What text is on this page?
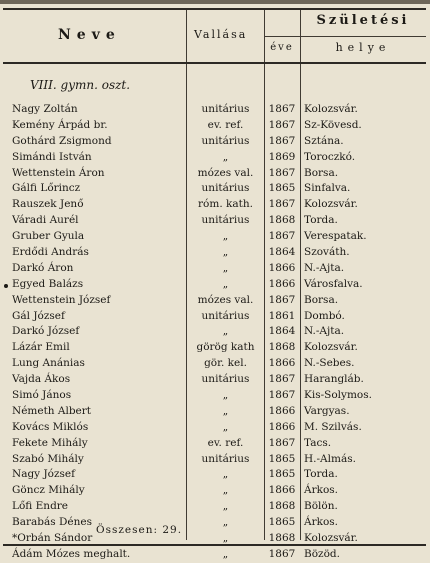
Neve	Vallása
Születési
éve	helye
VIII. gymn. oszt.
Nagy Zoltán	unitárius	1867 Kolozsvár.
Kemény Árpád br.	ev. ref.	1867 Sz-Kövesd.
Gothárd Zsigmond	unitárius	1867 Sztána.
Simándi István	„	1869 Toroczkó.
Wettenstein Áron	mózes val.	1867 Borsa.
Gálfi Lőrincz	unitárius	1865 Sinfalva.
Rauszek Jenő	róm. kath.	1867 Kolozsvár.
Váradi Aurél	unitárius	1868 Torda.
Gruber Gyula	„	1867 Verespatak.
Erdődi András	„	1864 Szováth.
Darkó Áron	„	1866 N.-Ajta.
Egyed Balázs	„	1866 Városfalva.
Wettenstein József	mózes val.	1867 Borsa.
Gál József	unitárius	1861 Dombó.
Darkó József	„	1864 N.-Ajta.
Lázár Emil	görög kath	1868 Kolozsvár.
Lung Anánias	gör. kel.	1866 N.-Sebes.
Vajda Ákos	unitárius	1867 Harangláb.
Simó János	„	1867 Kis-Solymos.
Németh Albert	„	1866 Vargyas.
Kovács Miklós	„	1866 M. Szilvás.
Fekete Mihály	ev. ref.	1867 Tacs.
Szabó Mihály	unitárius	1865 H.-Almás.
Nagy József	„	1865 Torda.
Göncz Mihály	„	1866 Árkos.
Lőfi Endre	„	1868 Bölön.
Barabás Dénes	„	1865 Árkos.
*Orbán Sándor	„	1868 Kolozsvár.
Ádám Mózes meghalt.	„	1867 Bözöd.
Összesen: 29.
